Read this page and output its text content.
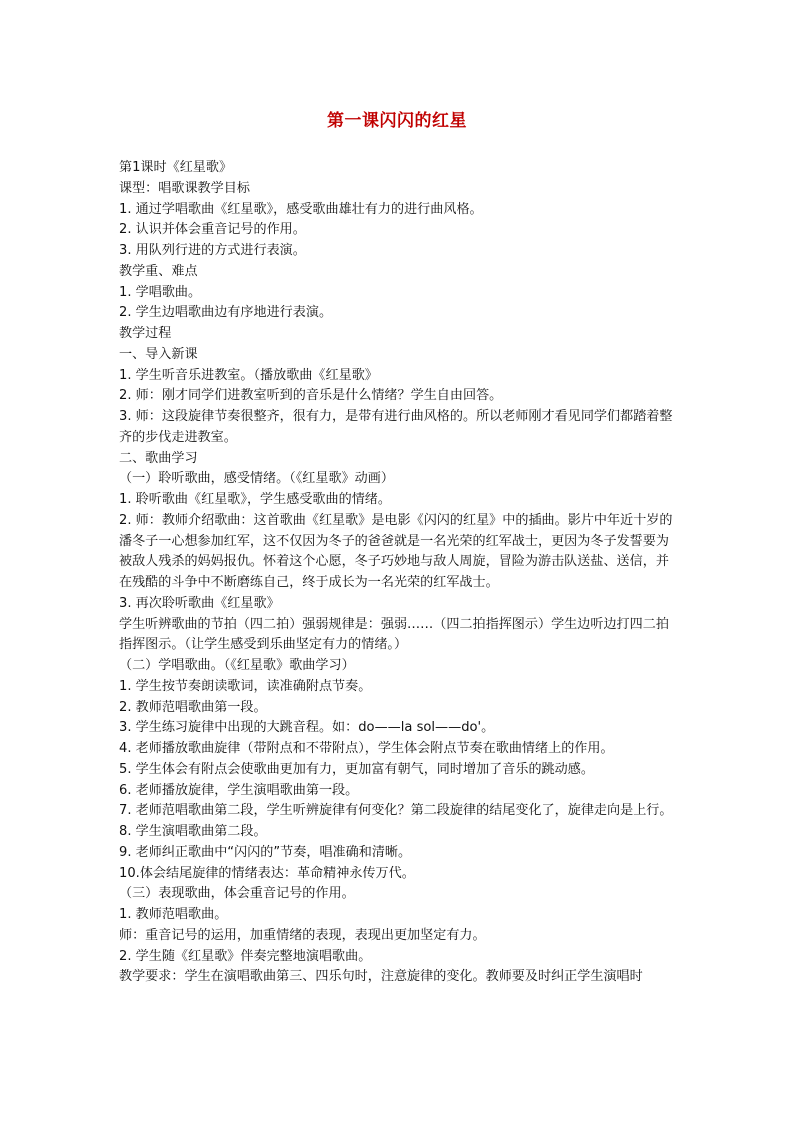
第一课闪闪的红星

第1课时《红星歌》

课型：唱歌课教学目标

1. 通过学唱歌曲《红星歌》，感受歌曲雄壮有力的进行曲风格。

2. 认识并体会重音记号的作用。

3. 用队列行进的方式进行表演。

教学重、难点

1. 学唱歌曲。

2. 学生边唱歌曲边有序地进行表演。

教学过程

一、导入新课

1. 学生听音乐进教室。（播放歌曲《红星歌》

2. 师：刚才同学们进教室听到的音乐是什么情绪？学生自由回答。

3. 师：这段旋律节奏很整齐，很有力，是带有进行曲风格的。所以老师刚才看见同学们都踏着整齐的步伐走进教室。

二、歌曲学习

（一）聆听歌曲，感受情绪。（《红星歌》动画）

1. 聆听歌曲《红星歌》，学生感受歌曲的情绪。

2. 师：教师介绍歌曲：这首歌曲《红星歌》是电影《闪闪的红星》中的插曲。影片中年近十岁的潘冬子一心想参加红军，这不仅因为冬子的爸爸就是一名光荣的红军战士，更因为冬子发誓要为被敌人残杀的妈妈报仇。怀着这个心愿，冬子巧妙地与敌人周旋，冒险为游击队送盐、送信，并在残酷的斗争中不断磨练自己，终于成长为一名光荣的红军战士。

3. 再次聆听歌曲《红星歌》

学生听辨歌曲的节拍（四二拍）强弱规律是：强弱……（四二拍指挥图示）学生边听边打四二拍指挥图示。（让学生感受到乐曲坚定有力的情绪。）

（二）学唱歌曲。（《红星歌》歌曲学习）

1. 学生按节奏朗读歌词，读准确附点节奏。

2. 教师范唱歌曲第一段。

3. 学生练习旋律中出现的大跳音程。如：do——la sol——do'。

4. 老师播放歌曲旋律（带附点和不带附点），学生体会附点节奏在歌曲情绪上的作用。

5. 学生体会有附点会使歌曲更加有力，更加富有朝气，同时增加了音乐的跳动感。

6. 老师播放旋律，学生演唱歌曲第一段。

7. 老师范唱歌曲第二段，学生听辨旋律有何变化？第二段旋律的结尾变化了，旋律走向是上行。

8. 学生演唱歌曲第二段。

9. 老师纠正歌曲中“闪闪的”节奏，唱准确和清晰。

10.体会结尾旋律的情绪表达：革命精神永传万代。

（三）表现歌曲，体会重音记号的作用。

1. 教师范唱歌曲。

师：重音记号的运用，加重情绪的表现，表现出更加坚定有力。

2. 学生随《红星歌》伴奏完整地演唱歌曲。

教学要求：学生在演唱歌曲第三、四乐句时，注意旋律的变化。教师要及时纠正学生演唱时
